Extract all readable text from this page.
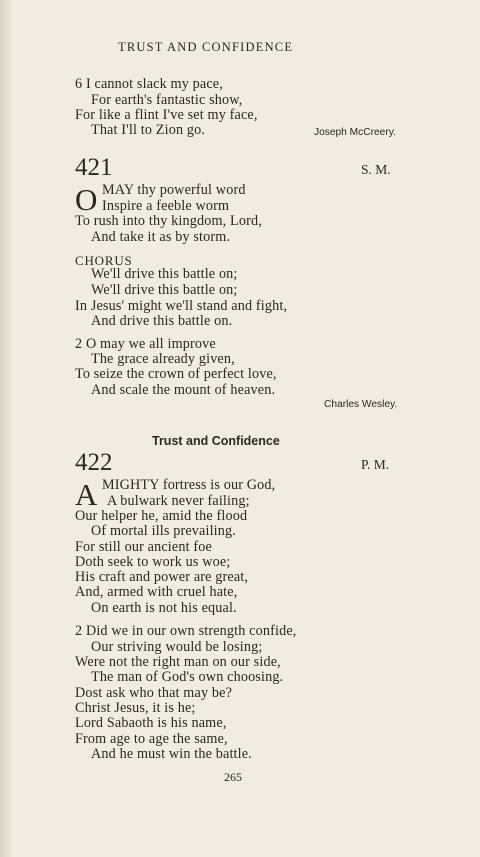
TRUST AND CONFIDENCE
6 I cannot slack my pace,
For earth's fantastic show,
For like a flint I've set my face,
That I'll to Zion go.	Joseph McCreery.
421	S. M.
O MAY thy powerful word
Inspire a feeble worm
To rush into thy kingdom, Lord,
And take it as by storm.
CHORUS
We'll drive this battle on;
We'll drive this battle on;
In Jesus' might we'll stand and fight,
And drive this battle on.
2 O may we all improve
The grace already given,
To seize the crown of perfect love,
And scale the mount of heaven.
Charles Wesley.
Trust and Confidence
422	P. M.
A MIGHTY fortress is our God,
A bulwark never failing;
Our helper he, amid the flood
Of mortal ills prevailing.
For still our ancient foe
Doth seek to work us woe;
His craft and power are great,
And, armed with cruel hate,
On earth is not his equal.
2 Did we in our own strength confide,
Our striving would be losing;
Were not the right man on our side,
The man of God's own choosing.
Dost ask who that may be?
Christ Jesus, it is he;
Lord Sabaoth is his name,
From age to age the same,
And he must win the battle.
265
